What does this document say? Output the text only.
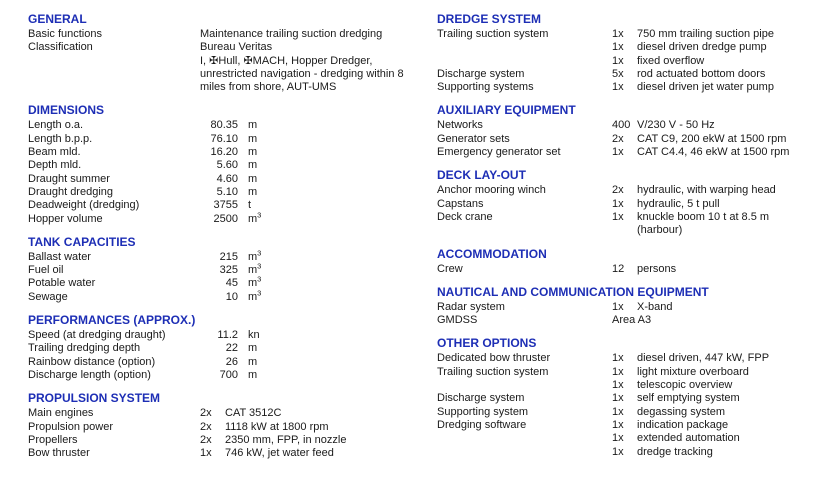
GENERAL
Basic functions	Maintenance trailing suction dredging
Classification	Bureau Veritas
I, ✠Hull, ✠MACH, Hopper Dredger,
unrestricted navigation - dredging within 8
miles from shore, AUT-UMS
DIMENSIONS
Length o.a.	80.35 m
Length b.p.p.	76.10 m
Beam mld.	16.20 m
Depth mld.	5.60 m
Draught summer	4.60 m
Draught dredging	5.10 m
Deadweight (dredging)	3755 t
Hopper volume	2500 $m^3$
TANK CAPACITIES
Ballast water	215 $m^3$
Fuel oil	325 $m^3$
Potable water	45 $m^3$
Sewage	10 $m^3$
PERFORMANCES (APPROX.)
Speed (at dredging draught)	11.2 kn
Trailing dredging depth	22 m
Rainbow distance (option)	26 m
Discharge length (option)	700 m
PROPULSION SYSTEM
Main engines	2x	CAT 3512C
Propulsion power	2x	1118 kW at 1800 rpm
Propellers	2x	2350 mm, FPP, in nozzle
Bow thruster	1x	746 kW, jet water feed
DREDGE SYSTEM
Trailing suction system	1x	750 mm trailing suction pipe
1x	diesel driven dredge pump
1x	fixed overflow
Discharge system	5x	rod actuated bottom doors
Supporting systems	1x	diesel driven jet water pump
AUXILIARY EQUIPMENT
Networks	400 V/230 V - 50 Hz
Generator sets	2x	CAT C9, 200 ekW at 1500 rpm
Emergency generator set	1x	CAT C4.4, 46 ekW at 1500 rpm
DECK LAY-OUT
Anchor mooring winch	2x	hydraulic, with warping head
Capstans	1x	hydraulic, 5 t pull
Deck crane	1x	knuckle boom 10 t at 8.5 m
(harbour)
ACCOMMODATION
Crew	12	persons
NAUTICAL AND COMMUNICATION EQUIPMENT
Radar system	1x	X-band
GMDSS	Area A3
OTHER OPTIONS
Dedicated bow thruster	1x	diesel driven, 447 kW, FPP
Trailing suction system	1x	light mixture overboard
1x	telescopic overview
Discharge system	1x	self emptying system
Supporting system	1x	degassing system
Dredging software	1x	indication package
1x	extended automation
1x	dredge tracking
